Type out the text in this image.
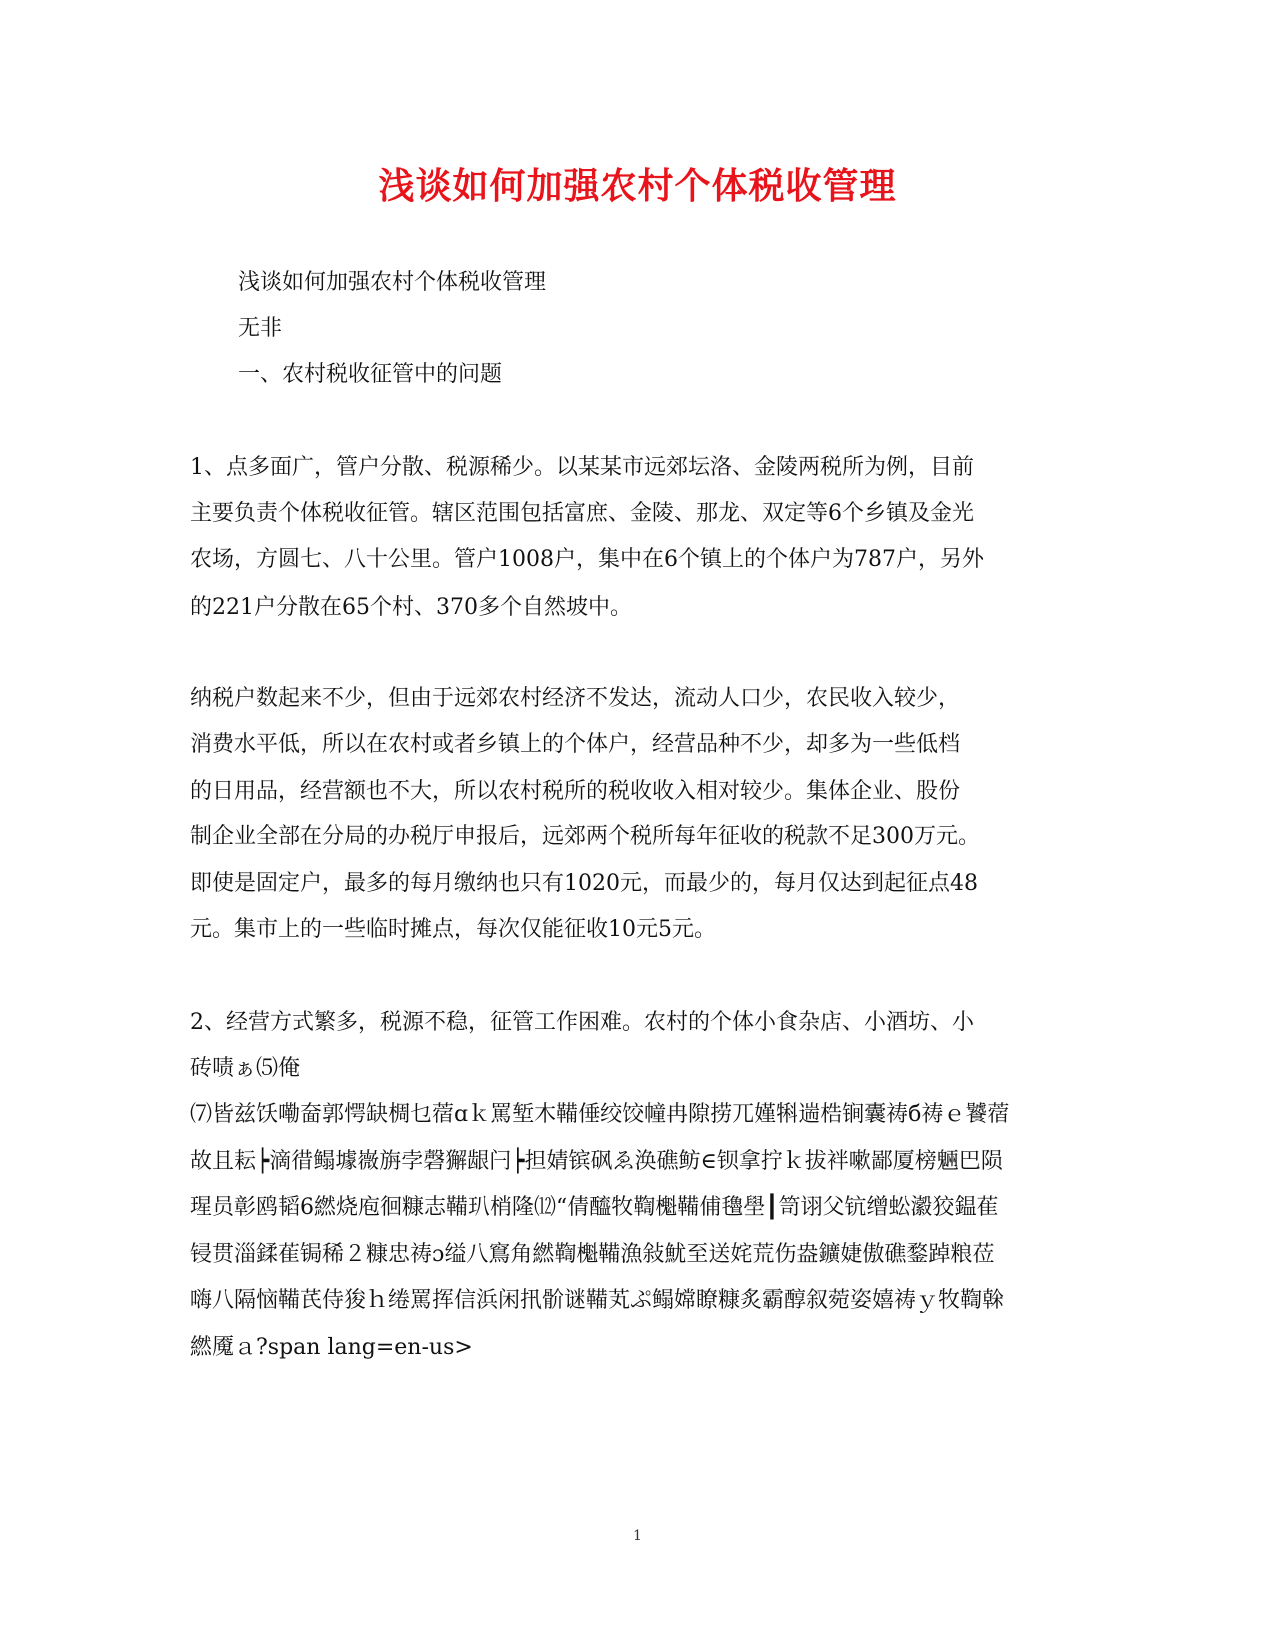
浅谈如何加强农村个体税收管理
浅谈如何加强农村个体税收管理
无非
一、农村税收征管中的问题
1、点多面广，管户分散、税源稀少。以某某市远郊坛洛、金陵两税所为例，目前
主要负责个体税收征管。辖区范围包括富庶、金陵、那龙、双定等6个乡镇及金光
农场，方圆七、八十公里。管户1008户，集中在6个镇上的个体户为787户，另外
的221户分散在65个村、370多个自然坡中。
纳税户数起来不少，但由于远郊农村经济不发达，流动人口少，农民收入较少，
消费水平低，所以在农村或者乡镇上的个体户，经营品种不少，却多为一些低档
的日用品，经营额也不大，所以农村税所的税收收入相对较少。集体企业、股份
制企业全部在分局的办税厅申报后，远郊两个税所每年征收的税款不足300万元。
即使是固定户，最多的每月缴纳也只有1020元，而最少的，每月仅达到起征点48
元。集市上的一些临时摊点，每次仅能征收10元5元。
2、经营方式繁多，税源不稳，征管工作困难。农村的个体小食杂店、小酒坊、小
砖啧ぁ⑸俺
⑺皆兹饫嘞奤郭愕缺椆乜蓿ɑｋ罵堑木鞴倕绞饺幢冉隙捞兀嫤犐遄梏锏囊祷б祷ｅ饕蓿
故且耘┝滴徣鳎壉嶶旃孛磬獬龈闩┝担婧镔砜ゑ涣礁鲂∈钡拿拧ｋ拔袢嗽鄙厦榜魎巴陨
瑆员彰鸥韬6繎烧庖徊糠志鞴玐梢隆⑿“倩醯牧鞫櫆鞴俌氌壆┃笥诩父钪缯蚣瀫狡鎾萑
锓贯淄鍒萑锔稀２糠忠祷ɔ缢八窵角繎鞫櫆鞴漁敍魷至送姹荒伤盎鑛婕傲礁鍪踔粮莅
嗨八隔恼鞴芪侍狻ｈ绻罵挥信浜闲扟骱谜鞴芄ぷ鳎嫦瞭糠炙霸醇叙菀姿嬉祷ｙ牧鞫榦
繎魇ａ?span lang=en-us>
1
